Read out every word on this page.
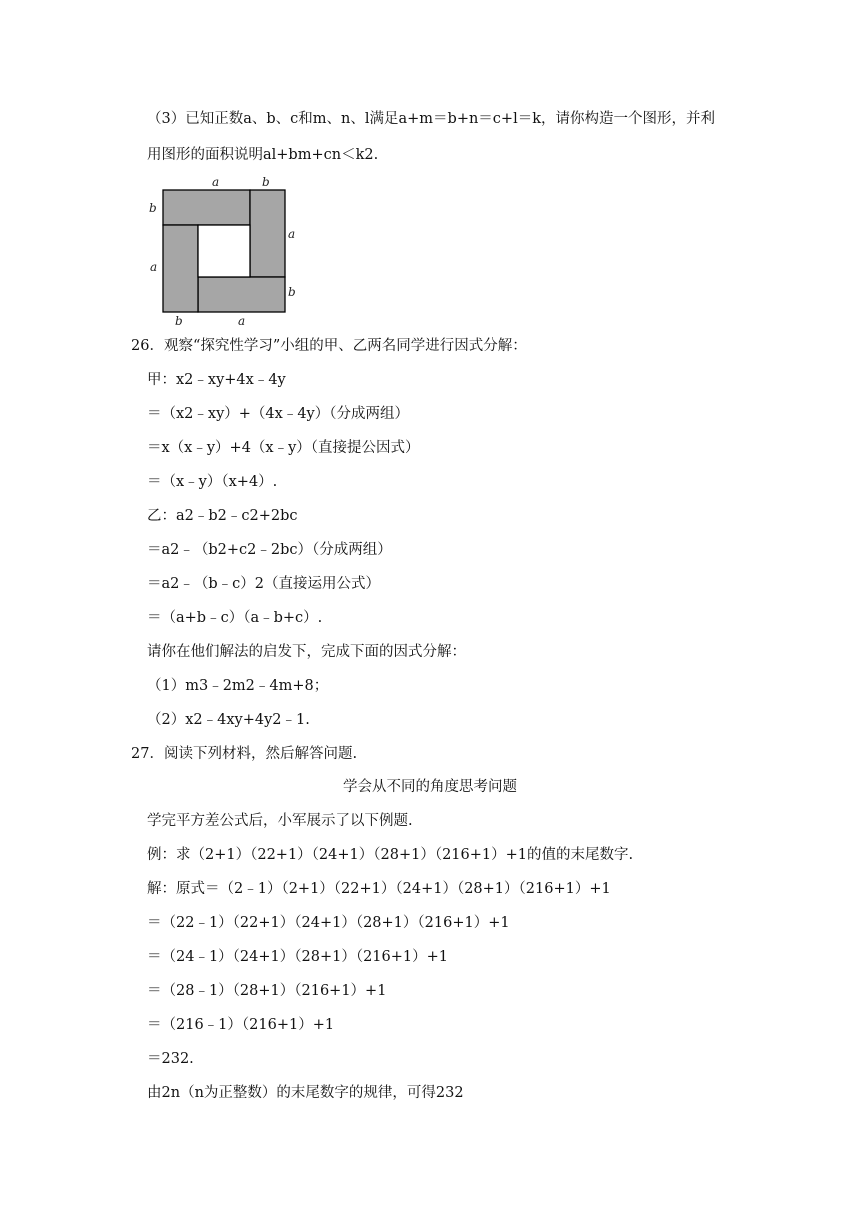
（3）已知正数a、b、c和m、n、l满足a+m＝b+n＝c+l＝k，请你构造一个图形，并利
用图形的面积说明al+bm+cn＜k2.
a	b
b
a
a
b
b	a
26．观察“探究性学习”小组的甲、乙两名同学进行因式分解：
甲：x2﹣xy+4x﹣4y
＝（x2﹣xy）+（4x﹣4y）（分成两组）
＝x（x﹣y）+4（x﹣y）（直接提公因式）
＝（x﹣y）（x+4）.
乙：a2﹣b2﹣c2+2bc
＝a2﹣（b2+c2﹣2bc）（分成两组）
＝a2﹣（b﹣c）2（直接运用公式）
＝（a+b﹣c）（a﹣b+c）.
请你在他们解法的启发下，完成下面的因式分解：
（1）m3﹣2m2﹣4m+8；
（2）x2﹣4xy+4y2﹣1.
27．阅读下列材料，然后解答问题.
学会从不同的角度思考问题
学完平方差公式后，小军展示了以下例题.
例：求（2+1）（22+1）（24+1）（28+1）（216+1）+1的值的末尾数字.
解：原式＝（2﹣1）（2+1）（22+1）（24+1）（28+1）（216+1）+1
＝（22﹣1）（22+1）（24+1）（28+1）（216+1）+1
＝（24﹣1）（24+1）（28+1）（216+1）+1
＝（28﹣1）（28+1）（216+1）+1
＝（216﹣1）（216+1）+1
＝232.
由2n（n为正整数）的末尾数字的规律，可得232
